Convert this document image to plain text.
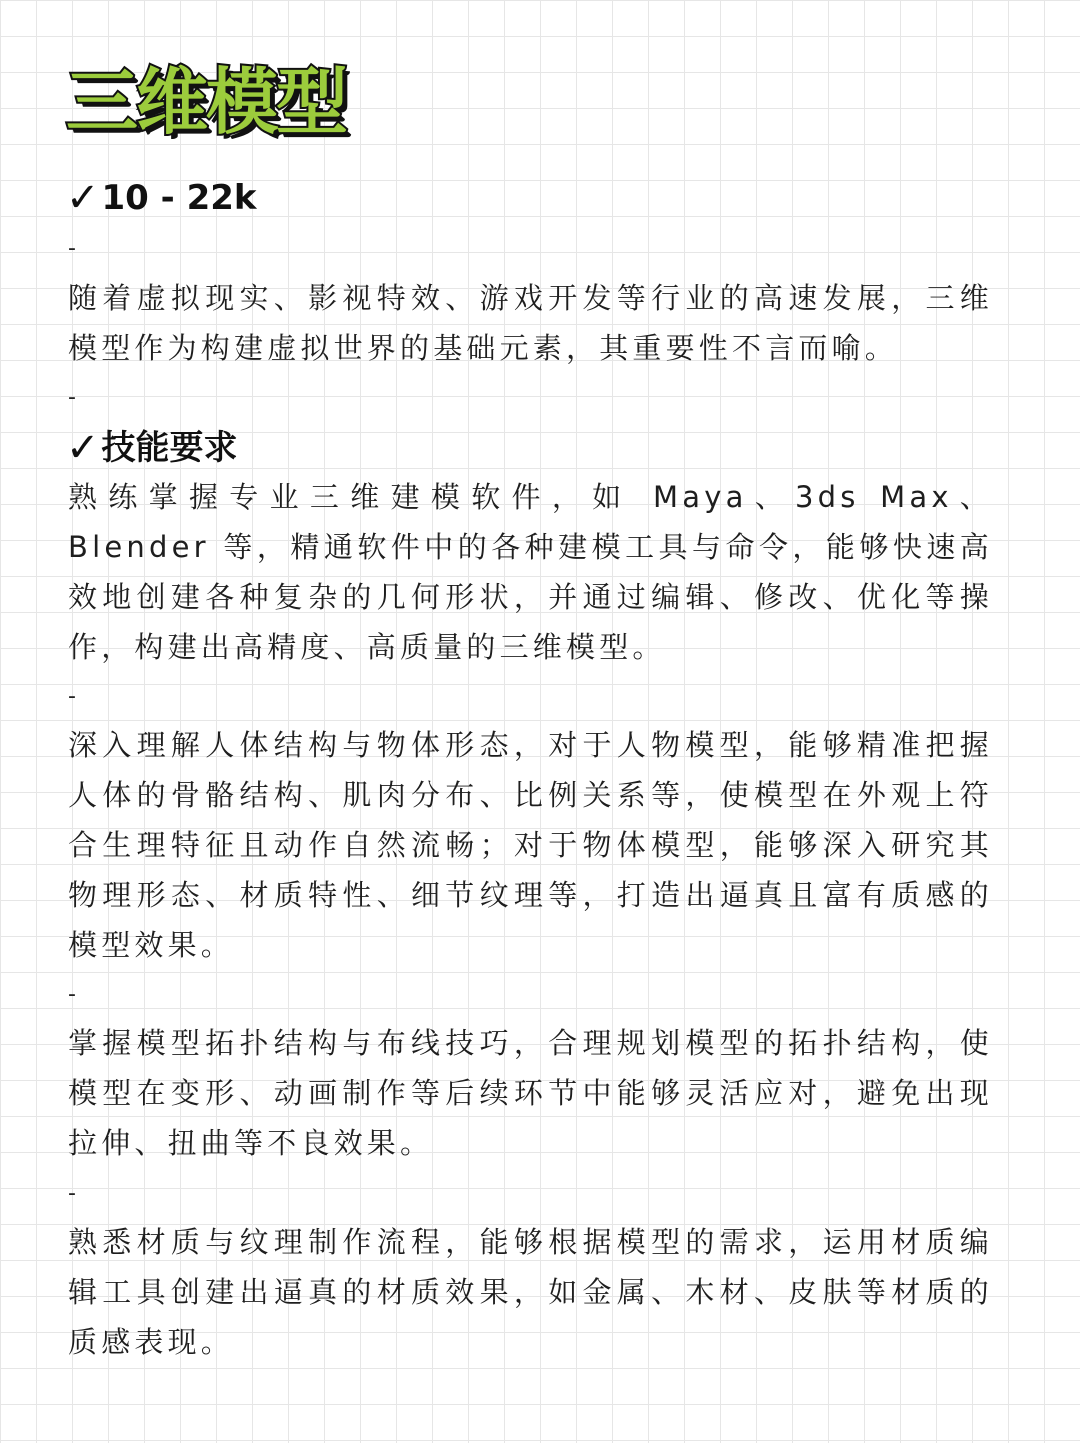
三维模型
✓ 10 - 22k
-

随着虚拟现实、影视特效、游戏开发等行业的高速发展，三维模型作为构建虚拟世界的基础元素，其重要性不言而喻。

-
✓ 技能要求

熟练掌握专业三维建模软件，如 Maya、3ds Max、Blender 等，精通软件中的各种建模工具与命令，能够快速高效地创建各种复杂的几何形状，并通过编辑、修改、优化等操作，构建出高精度、高质量的三维模型。

-

深入理解人体结构与物体形态，对于人物模型，能够精准把握人体的骨骼结构、肌肉分布、比例关系等，使模型在外观上符合生理特征且动作自然流畅；对于物体模型，能够深入研究其物理形态、材质特性、细节纹理等，打造出逼真且富有质感的模型效果。

-

掌握模型拓扑结构与布线技巧，合理规划模型的拓扑结构，使模型在变形、动画制作等后续环节中能够灵活应对，避免出现拉伸、扭曲等不良效果。

-

熟悉材质与纹理制作流程，能够根据模型的需求，运用材质编辑工具创建出逼真的材质效果，如金属、木材、皮肤等材质的质感表现。
